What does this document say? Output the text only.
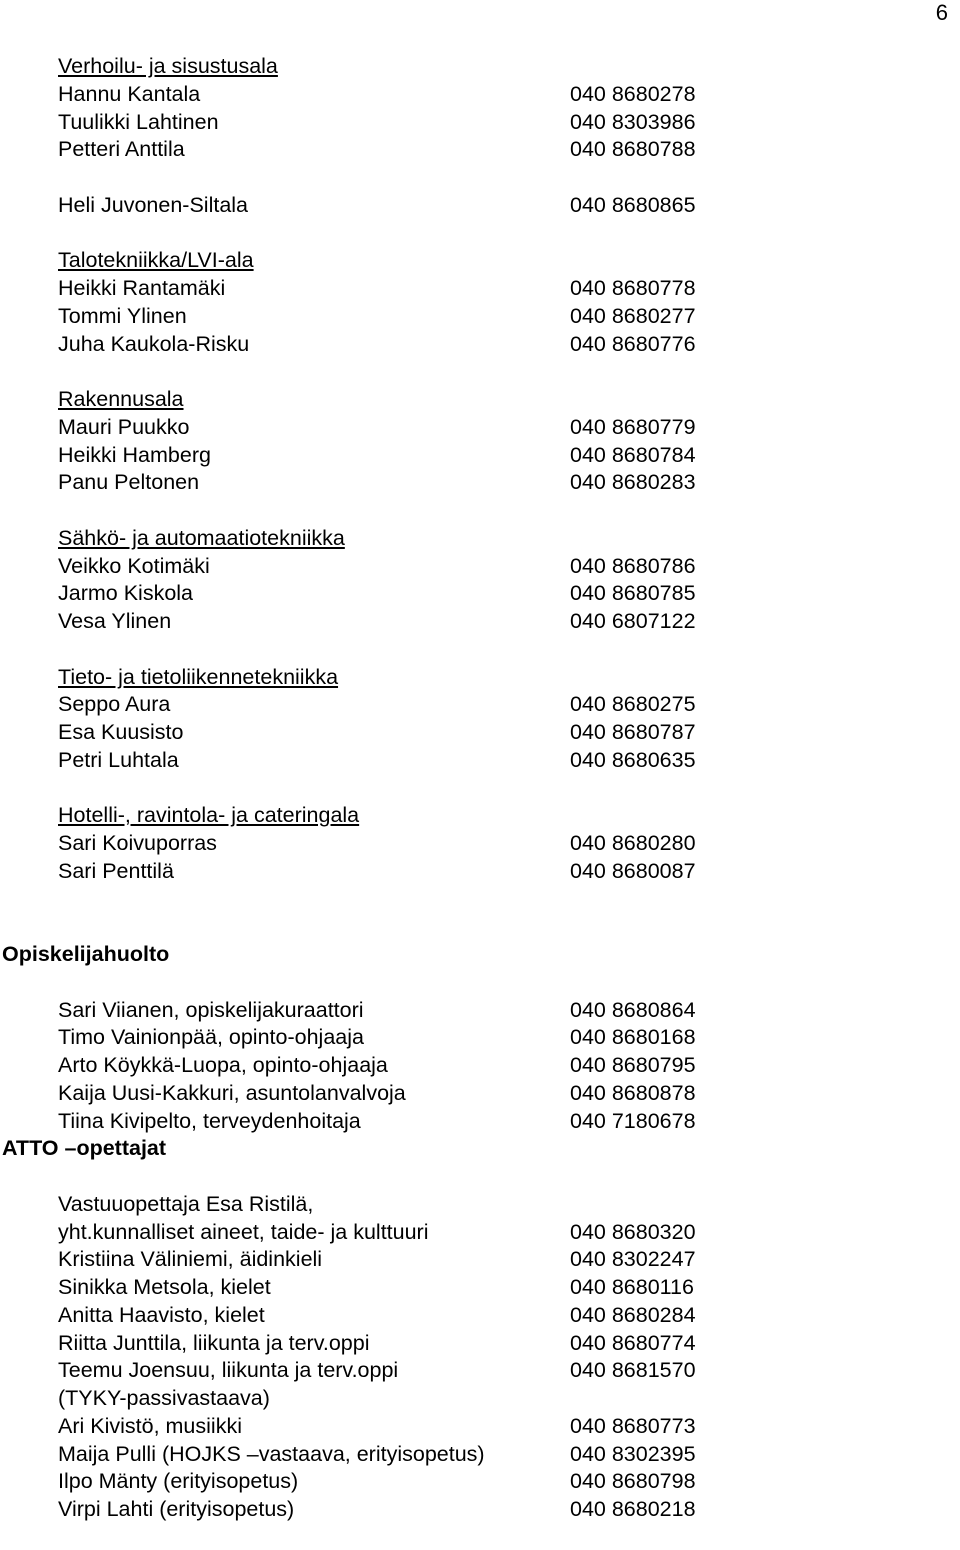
6
Verhoilu- ja sisustusala
Hannu Kantala	040 8680278
Tuulikki Lahtinen	040 8303986
Petteri Anttila	040 8680788
Heli Juvonen-Siltala	040 8680865
Talotekniikka/LVI-ala
Heikki Rantamäki	040 8680778
Tommi Ylinen	040 8680277
Juha Kaukola-Risku	040 8680776
Rakennusala
Mauri Puukko	040 8680779
Heikki Hamberg	040 8680784
Panu Peltonen	040 8680283
Sähkö- ja automaatiotekniikka
Veikko Kotimäki	040 8680786
Jarmo Kiskola	040 8680785
Vesa Ylinen	040 6807122
Tieto- ja tietoliikennetekniikka
Seppo Aura	040 8680275
Esa Kuusisto	040 8680787
Petri Luhtala	040 8680635
Hotelli-, ravintola- ja cateringala
Sari Koivuporras	040 8680280
Sari Penttilä	040 8680087
Opiskelijahuolto
Sari Viianen, opiskelijakuraattori	040 8680864
Timo Vainionpää, opinto-ohjaaja	040 8680168
Arto Köykkä-Luopa, opinto-ohjaaja	040 8680795
Kaija Uusi-Kakkuri, asuntolanvalvoja	040 8680878
Tiina Kivipelto, terveydenhoitaja	040 7180678
ATTO –opettajat
Vastuuopettaja Esa Ristilä,
yht.kunnalliset aineet, taide- ja kulttuuri	040 8680320
Kristiina Väliniemi, äidinkieli	040 8302247
Sinikka Metsola, kielet	040 8680116
Anitta Haavisto, kielet	040 8680284
Riitta Junttila, liikunta ja terv.oppi	040 8680774
Teemu Joensuu, liikunta ja terv.oppi	040 8681570
(TYKY-passivastaava)
Ari Kivistö, musiikki	040 8680773
Maija Pulli (HOJKS –vastaava, erityisopetus)	040 8302395
Ilpo Mänty (erityisopetus)	040 8680798
Virpi Lahti (erityisopetus)	040 8680218
